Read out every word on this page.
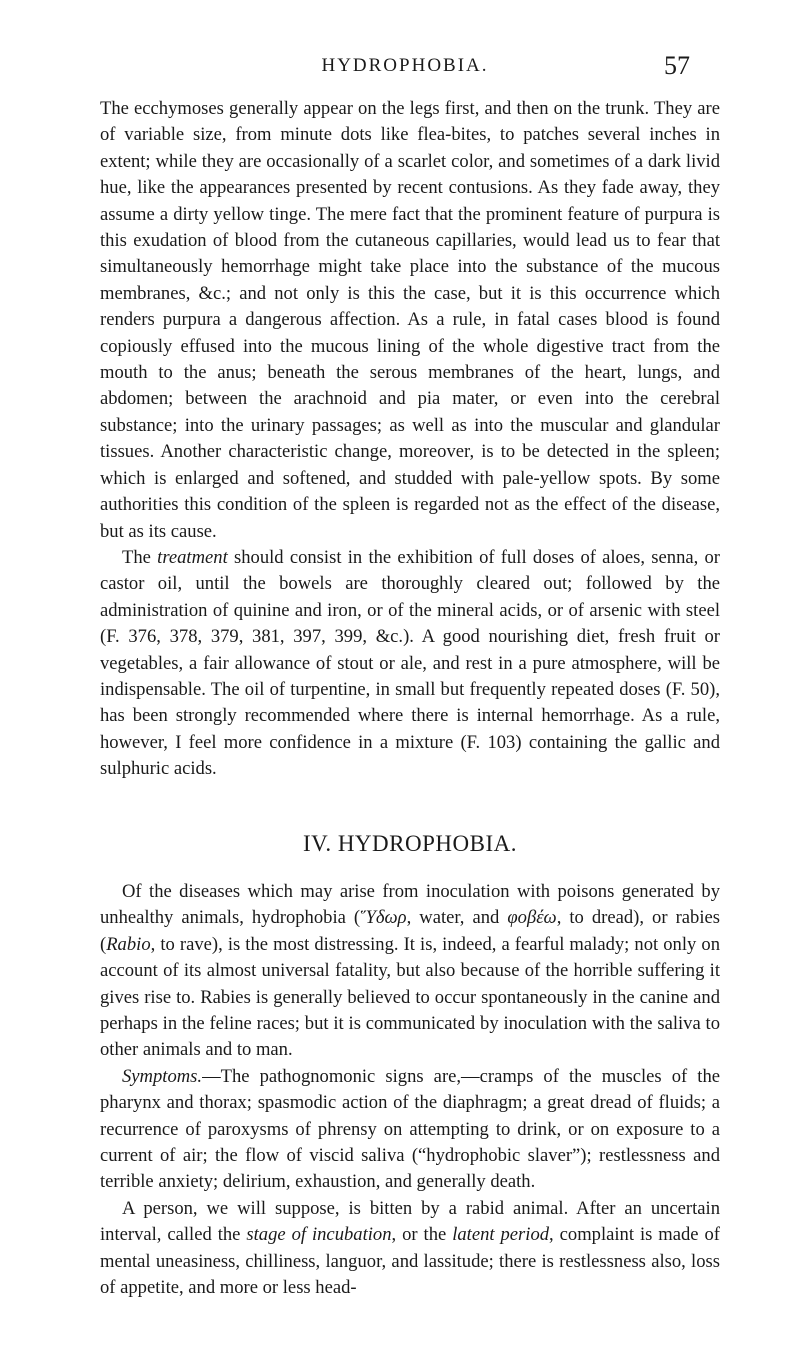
HYDROPHOBIA.	57

The ecchymoses generally appear on the legs first, and then on the trunk. They are of variable size, from minute dots like flea-bites, to patches several inches in extent; while they are occasionally of a scarlet color, and sometimes of a dark livid hue, like the appearances presented by recent contusions. As they fade away, they assume a dirty yellow tinge. The mere fact that the prominent feature of purpura is this exudation of blood from the cutaneous capillaries, would lead us to fear that simultaneously hemorrhage might take place into the substance of the mucous membranes, &c.; and not only is this the case, but it is this occurrence which renders purpura a dangerous affection. As a rule, in fatal cases blood is found copiously effused into the mucous lining of the whole digestive tract from the mouth to the anus; beneath the serous membranes of the heart, lungs, and abdomen; between the arachnoid and pia mater, or even into the cerebral substance; into the urinary passages; as well as into the muscular and glandular tissues. Another characteristic change, moreover, is to be detected in the spleen; which is enlarged and softened, and studded with pale-yellow spots. By some authorities this condition of the spleen is regarded not as the effect of the disease, but as its cause.

The treatment should consist in the exhibition of full doses of aloes, senna, or castor oil, until the bowels are thoroughly cleared out; followed by the administration of quinine and iron, or of the mineral acids, or of arsenic with steel (F. 376, 378, 379, 381, 397, 399, &c.). A good nourishing diet, fresh fruit or vegetables, a fair allowance of stout or ale, and rest in a pure atmosphere, will be indispensable. The oil of turpentine, in small but frequently repeated doses (F. 50), has been strongly recommended where there is internal hemorrhage. As a rule, however, I feel more confidence in a mixture (F. 103) containing the gallic and sulphuric acids.

IV. HYDROPHOBIA.

Of the diseases which may arise from inoculation with poisons generated by unhealthy animals, hydrophobia (Ὕδωρ, water, and φοβέω, to dread), or rabies (Rabio, to rave), is the most distressing. It is, indeed, a fearful malady; not only on account of its almost universal fatality, but also because of the horrible suffering it gives rise to. Rabies is generally believed to occur spontaneously in the canine and perhaps in the feline races; but it is communicated by inoculation with the saliva to other animals and to man.

Symptoms.—The pathognomonic signs are,—cramps of the muscles of the pharynx and thorax; spasmodic action of the diaphragm; a great dread of fluids; a recurrence of paroxysms of phrensy on attempting to drink, or on exposure to a current of air; the flow of viscid saliva (“hydrophobic slaver”); restlessness and terrible anxiety; delirium, exhaustion, and generally death.

A person, we will suppose, is bitten by a rabid animal. After an uncertain interval, called the stage of incubation, or the latent period, complaint is made of mental uneasiness, chilliness, languor, and lassitude; there is restlessness also, loss of appetite, and more or less head-
